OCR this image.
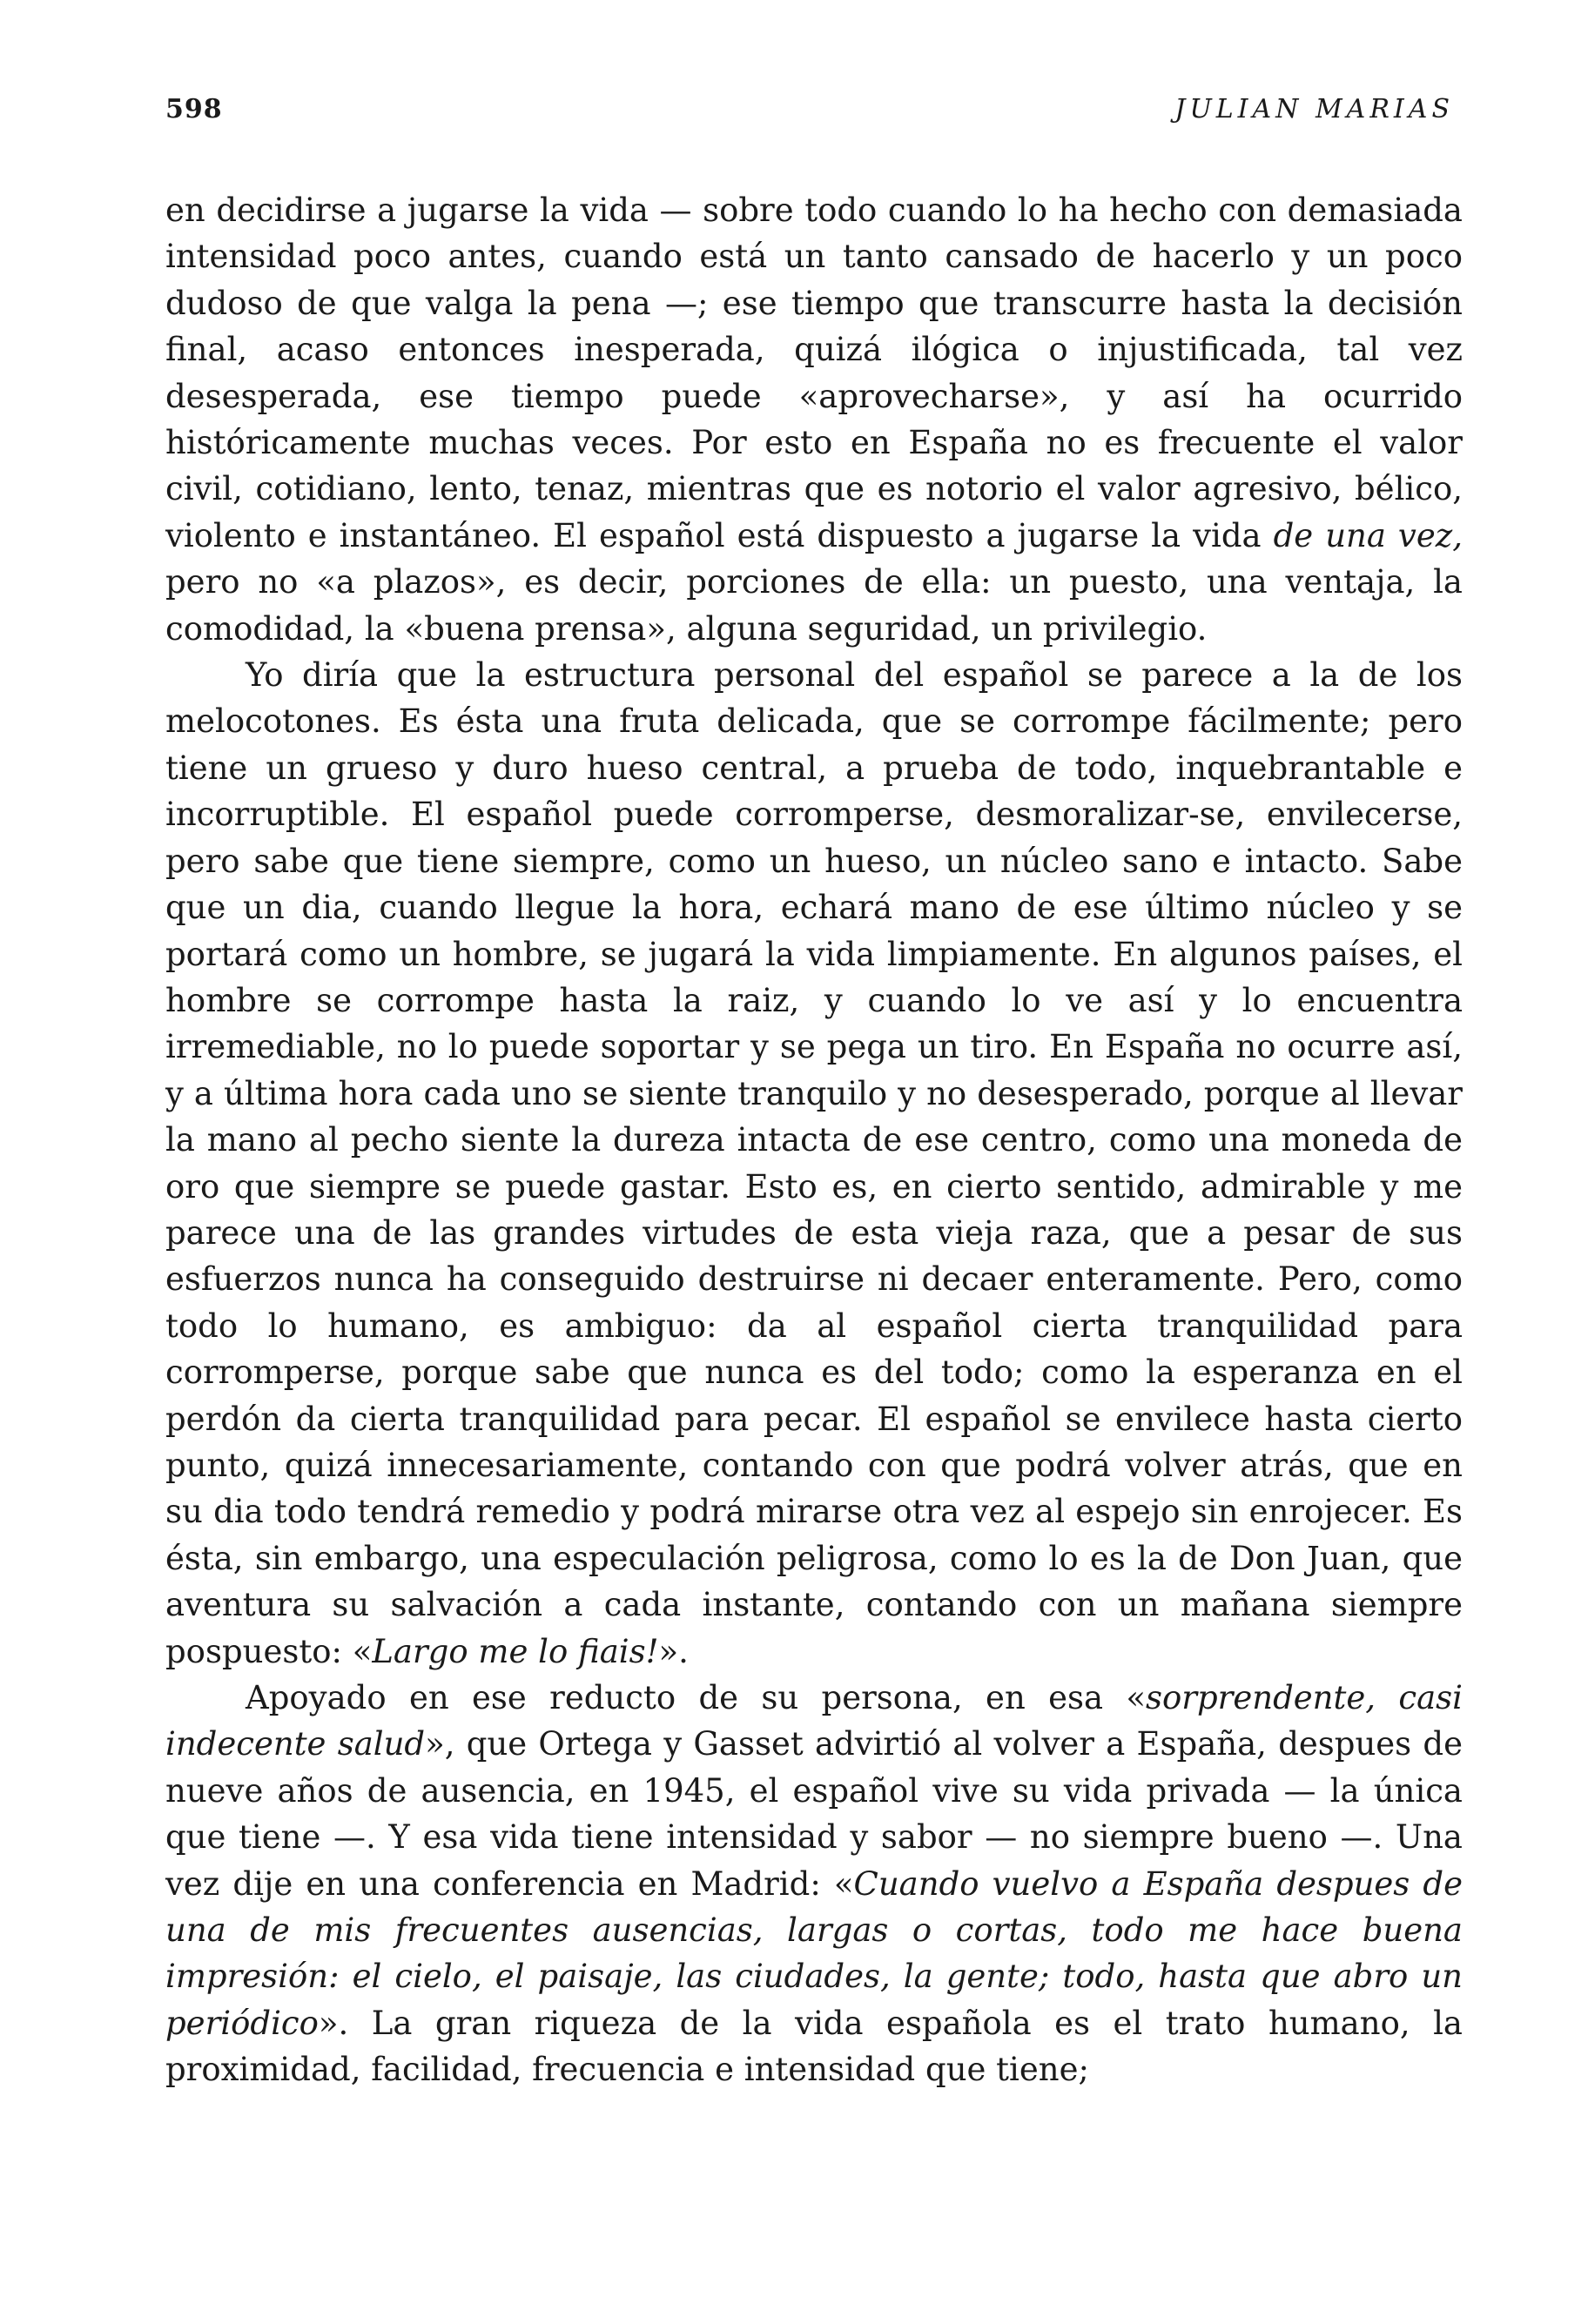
598	JULIAN MARIAS

en decidirse a jugarse la vida — sobre todo cuando lo ha hecho con demasiada intensidad poco antes, cuando está un tanto cansado de hacerlo y un poco dudoso de que valga la pena —; ese tiempo que transcurre hasta la decisión final, acaso entonces inesperada, quizá ilógica o injustificada, tal vez desesperada, ese tiempo puede «aprovecharse», y así ha ocurrido históricamente muchas veces. Por esto en España no es frecuente el valor civil, cotidiano, lento, tenaz, mientras que es notorio el valor agresivo, bélico, violento e instantáneo. El español está dispuesto a jugarse la vida de una vez, pero no «a plazos», es decir, porciones de ella: un puesto, una ventaja, la comodidad, la «buena prensa», alguna seguridad, un privilegio.

Yo diría que la estructura personal del español se parece a la de los melocotones. Es ésta una fruta delicada, que se corrompe fácilmente; pero tiene un grueso y duro hueso central, a prueba de todo, inquebrantable e incorruptible. El español puede corromperse, desmoralizar-se, envilecerse, pero sabe que tiene siempre, como un hueso, un núcleo sano e intacto. Sabe que un dia, cuando llegue la hora, echará mano de ese último núcleo y se portará como un hombre, se jugará la vida limpiamente. En algunos países, el hombre se corrompe hasta la raiz, y cuando lo ve así y lo encuentra irremediable, no lo puede soportar y se pega un tiro. En España no ocurre así, y a última hora cada uno se siente tranquilo y no desesperado, porque al llevar la mano al pecho siente la dureza intacta de ese centro, como una moneda de oro que siempre se puede gastar. Esto es, en cierto sentido, admirable y me parece una de las grandes virtudes de esta vieja raza, que a pesar de sus esfuerzos nunca ha conseguido destruirse ni decaer enteramente. Pero, como todo lo humano, es ambiguo: da al español cierta tranquilidad para corromperse, porque sabe que nunca es del todo; como la esperanza en el perdón da cierta tranquilidad para pecar. El español se envilece hasta cierto punto, quizá innecesariamente, contando con que podrá volver atrás, que en su dia todo tendrá remedio y podrá mirarse otra vez al espejo sin enrojecer. Es ésta, sin embargo, una especulación peligrosa, como lo es la de Don Juan, que aventura su salvación a cada instante, contando con un mañana siempre pospuesto: «Largo me lo fiais!».

Apoyado en ese reducto de su persona, en esa «sorprendente, casi indecente salud», que Ortega y Gasset advirtió al volver a España, despues de nueve años de ausencia, en 1945, el español vive su vida privada — la única que tiene —. Y esa vida tiene intensidad y sabor — no siempre bueno —. Una vez dije en una conferencia en Madrid: «Cuando vuelvo a España despues de una de mis frecuentes ausencias, largas o cortas, todo me hace buena impresión: el cielo, el paisaje, las ciudades, la gente; todo, hasta que abro un periódico». La gran riqueza de la vida española es el trato humano, la proximidad, facilidad, frecuencia e intensidad que tiene;
